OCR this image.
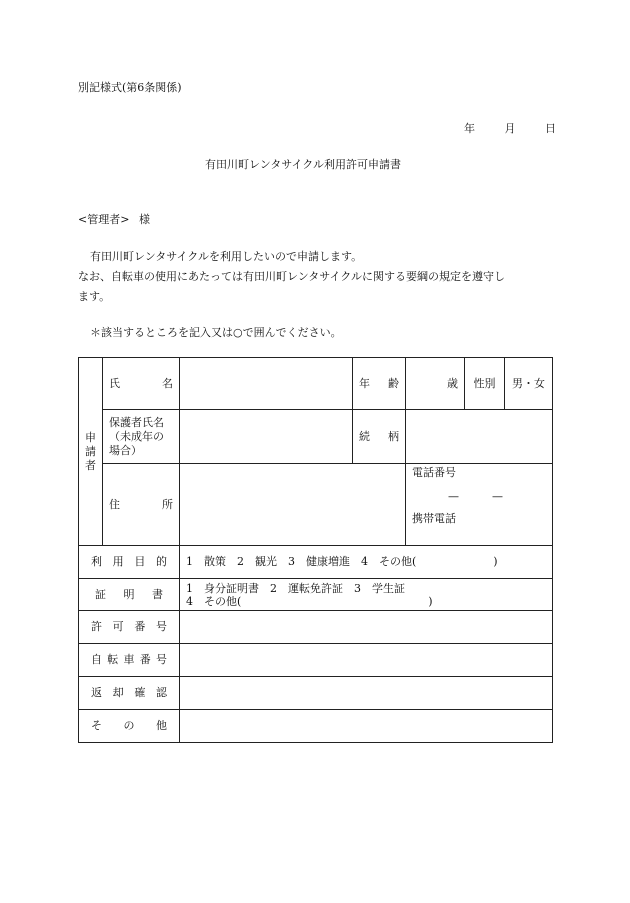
別記様式(第6条関係)
年	月	日
有田川町レンタサイクル利用許可申請書
<管理者> 様
有田川町レンタサイクルを利用したいので申請します。
なお、自転車の使用にあたっては有田川町レンタサイクルに関する要綱の規定を遵守し
ます。
＊該当するところを記入又は○で囲んでください。
申
請
者	氏名		年齢	歳	性別	男・女

	保護者氏名
（未成年の
場合）		続柄			

	住所			電話番号
—　　　—
携帯電話		

利用目的		1　散策　2　観光　3　健康増進　4　その他(　　　　　　　)				

証明書		1　身分証明書　2　運転免許証　3　学生証
4　その他(　　　　　　　　　　　　　　　　　)				

許可番号						

自転車番号						

返却確認						

その他						
